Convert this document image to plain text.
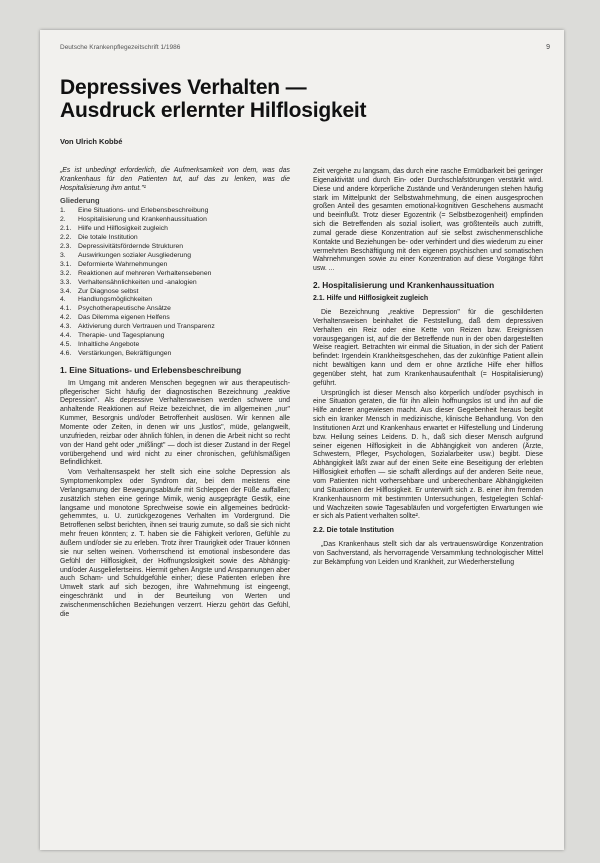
Deutsche Krankenpflegezeitschrift 1/1986	9
Depressives Verhalten —
Ausdruck erlernter Hilflosigkeit
Von Ulrich Kobbé

„Es ist unbedingt erforderlich, die Aufmerksamkeit von dem, was das Krankenhaus für den Patienten tut, auf das zu lenken, was die Hospitalisierung ihm antut."¹

Gliederung
1.	Eine Situations- und Erlebensbeschreibung
2.	Hospitalisierung und Krankenhaussituation
2.1. Hilfe und Hilflosigkeit zugleich
2.2. Die totale Institution
2.3. Depressivitätsfördernde Strukturen
3.	Auswirkungen sozialer Ausgliederung
3.1. Deformierte Wahrnehmungen
3.2. Reaktionen auf mehreren Verhaltensebenen
3.3. Verhaltensähnlichkeiten und -analogien
3.4. Zur Diagnose selbst
4.	Handlungsmöglichkeiten
4.1. Psychotherapeutische Ansätze
4.2. Das Dilemma eigenen Helfens
4.3. Aktivierung durch Vertrauen und Transparenz
4.4. Therapie- und Tagesplanung
4.5. Inhaltliche Angebote
4.6. Verstärkungen, Bekräftigungen
1. Eine Situations- und Erlebensbeschreibung

Im Umgang mit anderen Menschen begegnen wir aus therapeutisch-pflegerischer Sicht häufig der diagnostischen Bezeichnung „reaktive Depression". Als depressive Verhaltensweisen werden schwere und anhaltende Reaktionen auf Reize bezeichnet, die im allgemeinen „nur" Kummer, Besorgnis und/oder Betroffenheit auslösen. Wir kennen alle Momente oder Zeiten, in denen wir uns „lustlos", müde, gelangweilt, unzufrieden, reizbar oder ähnlich fühlen, in denen die Arbeit nicht so recht von der Hand geht oder „mißlingt" — doch ist dieser Zustand in der Regel vorübergehend und wird nicht zu einer chronischen, gefühlsmäßigen Befindlichkeit.

Vom Verhaltensaspekt her stellt sich eine solche Depression als Symptomenkomplex oder Syndrom dar, bei dem meistens eine Verlangsamung der Bewegungsabläufe mit Schleppen der Füße auffallen; zusätzlich stehen eine geringe Mimik, wenig ausgeprägte Gestik, eine langsame und monotone Sprechweise sowie ein allgemeines bedrückt-gehemmtes, u. U. zurückgezogenes Verhalten im Vordergrund. Die Betroffenen selbst berichten, ihnen sei traurig zumute, so daß sie sich nicht mehr freuen könnten; z. T. haben sie die Fähigkeit verloren, Gefühle zu äußern und/oder sie zu erleben. Trotz ihrer Traurigkeit oder Trauer können sie nur selten weinen. Vorherrschend ist emotional insbesondere das Gefühl der Hilflosigkeit, der Hoffnungslosigkeit sowie des Abhängig- und/oder Ausgeliefertseins. Hiermit gehen Ängste und Anspannungen aber auch Scham- und Schuldgefühle einher; diese Patienten erleben ihre Umwelt stark auf sich bezogen, ihre Wahrnehmung ist eingeengt, eingeschränkt und in der Beurteilung von Werten und zwischenmenschlichen Beziehungen verzerrt. Hierzu gehört das Gefühl, die

Zeit vergehe zu langsam, das durch eine rasche Ermüdbarkeit bei geringer Eigenaktivität und durch Ein- oder Durchschlafstörungen verstärkt wird. Diese und andere körperliche Zustände und Veränderungen stehen häufig stark im Mittelpunkt der Selbstwahrnehmung, die einen ausgesprochen großen Anteil des gesamten emotional-kognitiven Geschehens ausmacht und beeinflußt. Trotz dieser Egozentrik (= Selbstbezogenheit) empfinden sich die Betreffenden als sozial isoliert, was größtenteils auch zutrifft, zumal gerade diese Konzentration auf sie selbst zwischenmenschliche Kontakte und Beziehungen be- oder verhindert und dies wiederum zu einer vermehrten Beschäftigung mit den eigenen psychischen und somatischen Wahrnehmungen sowie zu einer Konzentration auf diese Vorgänge führt usw. ...

2. Hospitalisierung und Krankenhaussituation
2.1. Hilfe und Hilflosigkeit zugleich

Die Bezeichnung „reaktive Depression" für die geschilderten Verhaltensweisen beinhaltet die Feststellung, daß dem depressiven Verhalten ein Reiz oder eine Kette von Reizen bzw. Ereignissen vorausgegangen ist, auf die der Betreffende nun in der oben dargestellten Weise reagiert. Betrachten wir einmal die Situation, in der sich der Patient befindet: Irgendein Krankheitsgeschehen, das der zukünftige Patient allein nicht bewältigen kann und dem er ohne ärztliche Hilfe eher hilflos gegenüber steht, hat zum Krankenhausaufenthalt (= Hospitalisierung) geführt.

Ursprünglich ist dieser Mensch also körperlich und/oder psychisch in eine Situation geraten, die für ihn allein hoffnungslos ist und ihn auf die Hilfe anderer angewiesen macht. Aus dieser Gegebenheit heraus begibt sich ein kranker Mensch in medizinische, klinische Behandlung. Von den Institutionen Arzt und Krankenhaus erwartet er Hilfestellung und Linderung bzw. Heilung seines Leidens. D. h., daß sich dieser Mensch aufgrund seiner eigenen Hilflosigkeit in die Abhängigkeit von anderen (Ärzte, Schwestern, Pfleger, Psychologen, Sozialarbeiter usw.) begibt. Diese Abhängigkeit läßt zwar auf der einen Seite eine Beseitigung der erlebten Hilflosigkeit erhoffen — sie schafft allerdings auf der anderen Seite neue, vom Patienten nicht vorhersehbare und unberechenbare Abhängigkeiten und Situationen der Hilflosigkeit. Er unterwirft sich z. B. einer ihm fremden Krankenhausnorm mit bestimmten Untersuchungen, festgelegten Schlaf- und Wachzeiten sowie Tagesabläufen und vorgefertigten Erwartungen wie er sich als Patient verhalten sollte².

2.2. Die totale Institution

„Das Krankenhaus stellt sich dar als vertrauenswürdige Konzentration von Sachverstand, als hervorragende Versammlung technologischer Mittel zur Bekämpfung von Leiden und Krankheit, zur Wiederherstellung
